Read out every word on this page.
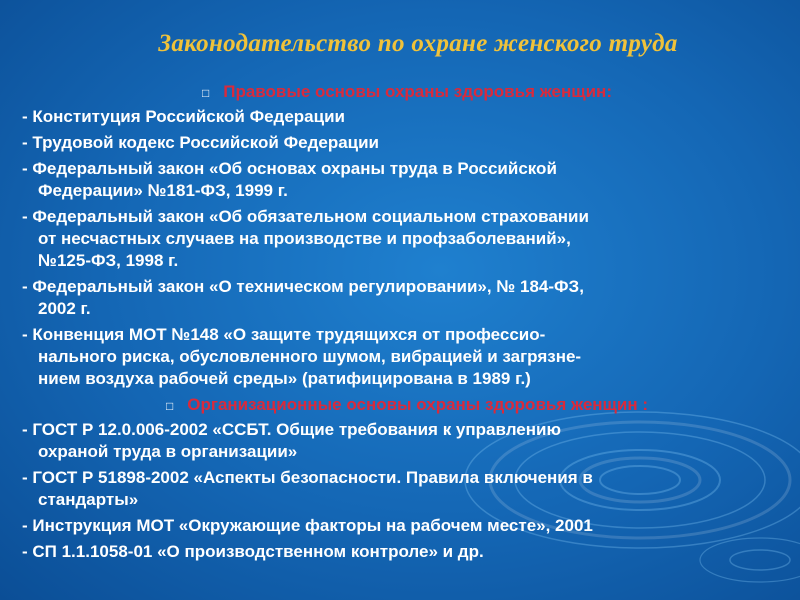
Законодательство по охране женского труда
□ Правовые основы охраны здоровья женщин:
- Конституция Российской Федерации
- Трудовой кодекс Российской Федерации
- Федеральный закон «Об основах охраны труда в Российской
Федерации» №181-ФЗ, 1999 г.
- Федеральный закон «Об обязательном социальном страховании
от несчастных случаев на производстве и профзаболеваний»,
№125-ФЗ, 1998 г.
- Федеральный закон «О техническом регулировании», № 184-ФЗ,
2002 г.
- Конвенция МОТ №148 «О защите трудящихся от профессио-
нального риска, обусловленного шумом, вибрацией и загрязне-
нием воздуха рабочей среды» (ратифицирована в 1989 г.)
□ Организационные основы охраны здоровья женщин :
- ГОСТ Р 12.0.006-2002 «ССБТ. Общие требования к управлению
охраной труда в организации»
- ГОСТ Р 51898-2002 «Аспекты безопасности. Правила включения в
стандарты»
- Инструкция МОТ «Окружающие факторы на рабочем месте», 2001
- СП 1.1.1058-01 «О производственном контроле» и др.
